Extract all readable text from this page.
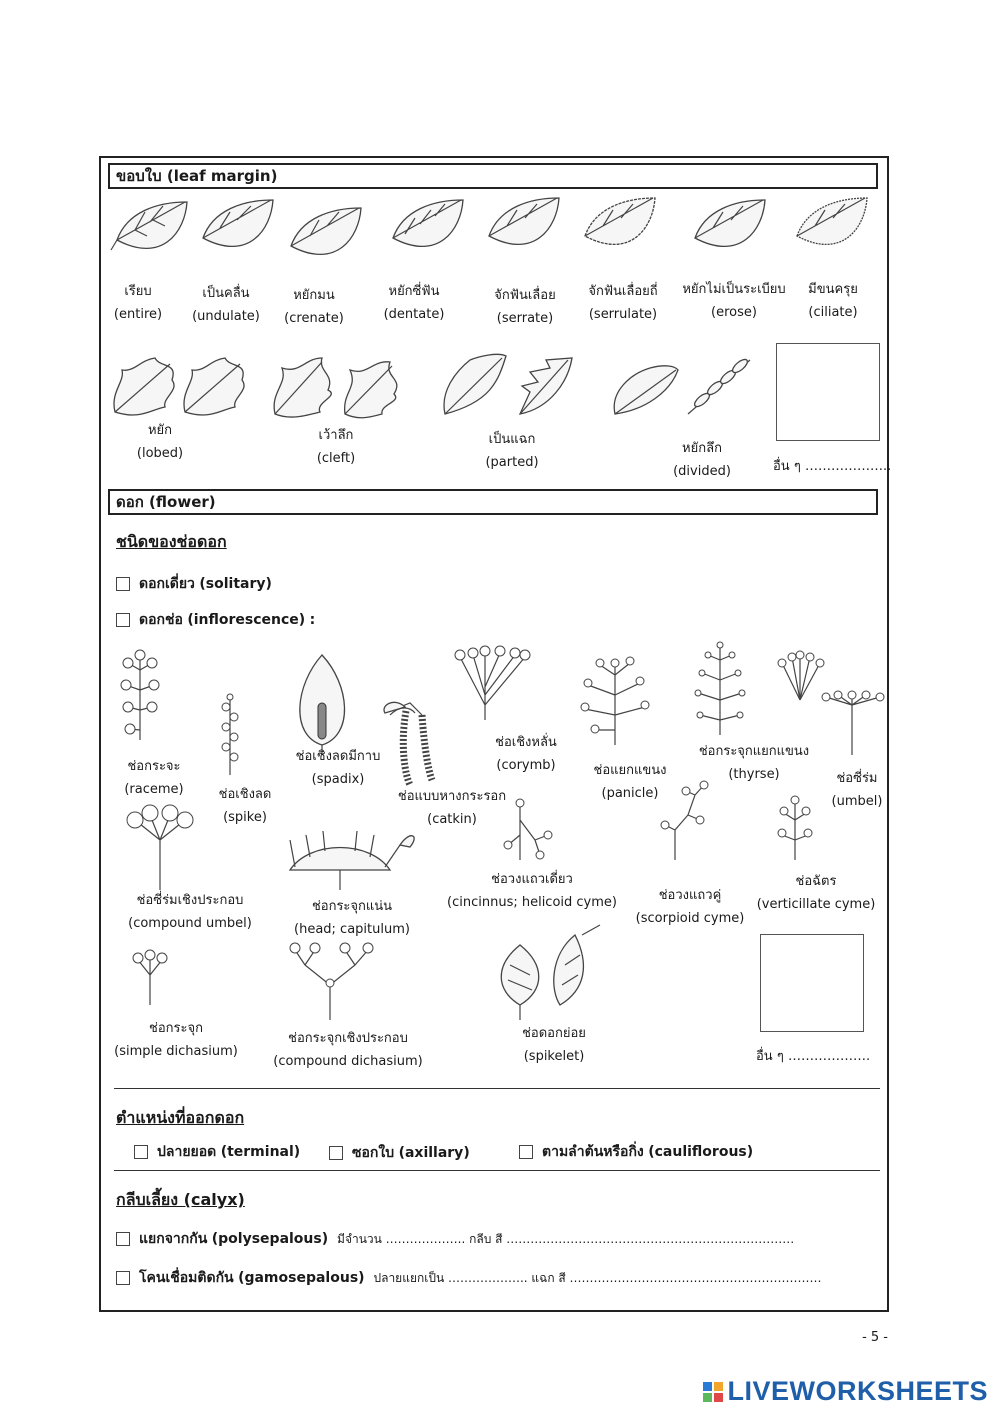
ขอบใบ (leaf margin)
เรียบ
(entire)
เป็นคลื่น
(undulate)
หยักมน
(crenate)
หยักซี่ฟัน
(dentate)
จักฟันเลื่อย
(serrate)
จักฟันเลื่อยถี่
(serrulate)
หยักไม่เป็นระเบียบ
(erose)
มีขนครุย
(ciliate)
หยัก
(lobed)
เว้าลึก
(cleft)
เป็นแฉก
(parted)
หยักลึก
(divided)	อื่น ๆ ………………..
ดอก (flower)
ชนิดของช่อดอก
ดอกเดี่ยว
(solitary)
ดอกช่อ
(inflorescence)
:
ช่อกระจะ
(raceme)	ช่อเชิงลด
(spike)
ช่อเชิงลดมีกาบ
(spadix)
ช่อแบบหางกระรอก
(catkin)
ช่อเชิงหลั่น
(corymb)	ช่อแยกแขนง
(panicle)
ช่อกระจุกแยกแขนง
(thyrse)	ช่อซี่ร่ม
(umbel)
ช่อซี่ร่มเชิงประกอบ
(compound umbel)
ช่อกระจุกแน่น
(head; capitulum)
ช่อวงแถวเดี่ยว
(cincinnus; helicoid cyme)	ช่อวงแถวคู่
(scorpioid cyme)
ช่อฉัตร
(verticillate cyme)
ช่อกระจุก
(simple dichasium)
ช่อกระจุกเชิงประกอบ
(compound dichasium)
ช่อดอกย่อย
(spikelet)	อื่น ๆ ……………….
ตำแหน่งที่ออกดอก
ปลายยอด
(terminal)	ซอกใบ
(axillary)	ตามลำต้นหรือกิ่ง
(cauliflorous)
กลีบเลี้ยง (calyx)
แยกจากกัน
(polysepalous)
มีจำนวน ……………….. กลีบ สี ………………………………………………………………
โคนเชื่อมติดกัน
(gamosepalous)
ปลายแยกเป็น ……………….. แฉก สี ………………………………………………………
- 5 -
LIVEWORKSHEETS
